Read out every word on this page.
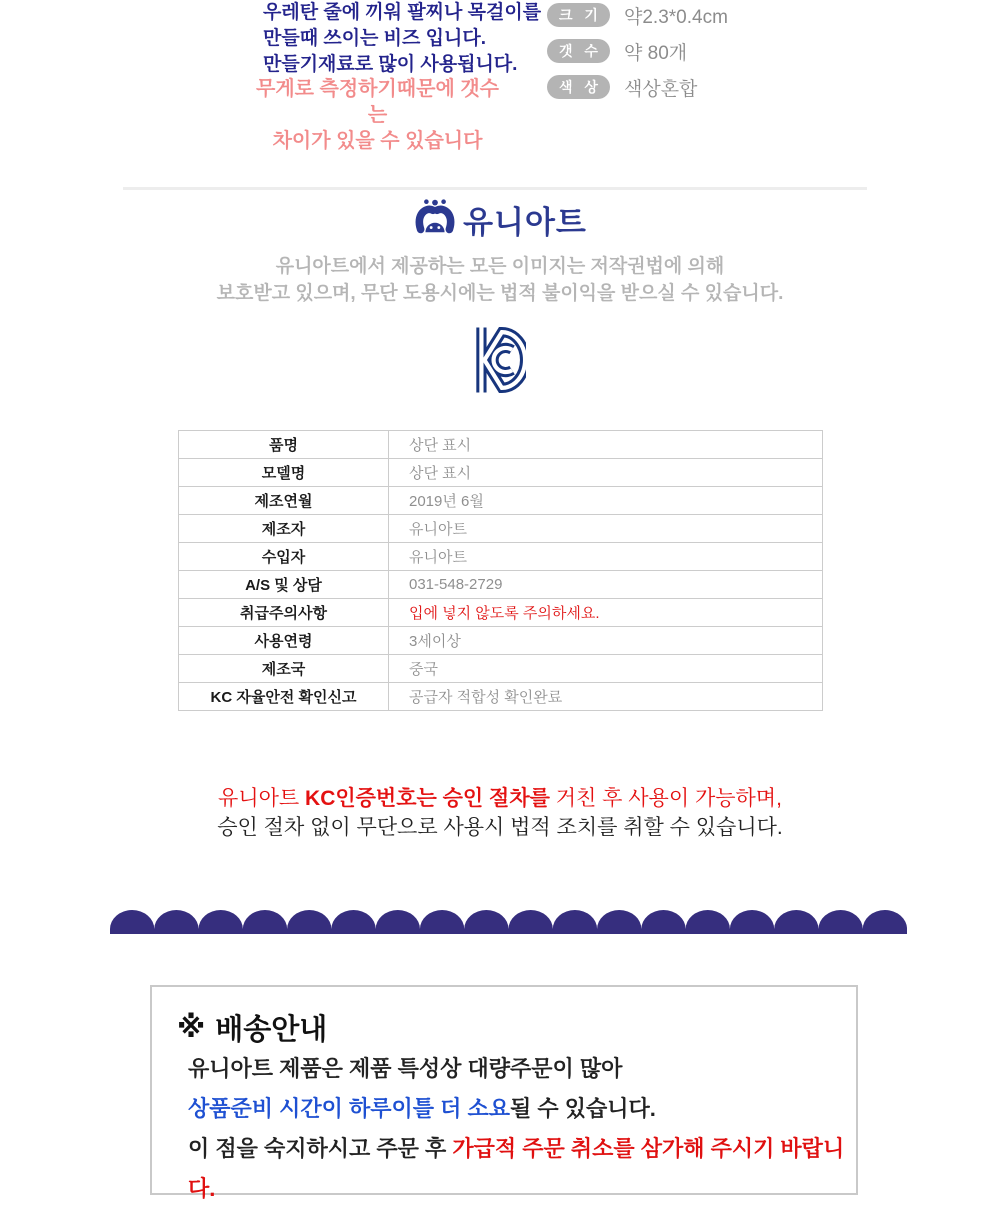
우레탄 줄에 끼워 팔찌나 목걸이를
만들때 쓰이는 비즈 입니다.
만들기재료로 많이 사용됩니다.
무게로 측정하기때문에 갯수는
차이가 있을 수 있습니다
크 기	약2.3*0.4cm
갯 수	약 80개
색 상	색상혼합
유니아트
유니아트에서 제공하는 모든 이미지는 저작권법에 의해
보호받고 있으며, 무단 도용시에는 법적 불이익을 받으실 수 있습니다.
품명	상단 표시
모델명	상단 표시
제조연월	2019년 6월
제조자	유니아트
수입자	유니아트
A/S 및 상담	031-548-2729
취급주의사항	입에 넣지 않도록 주의하세요.
사용연령	3세이상
제조국	중국
KC 자율안전 확인신고	공급자 적합성 확인완료
유니아트 KC인증번호는 승인 절차를 거친 후 사용이 가능하며,
승인 절차 없이 무단으로 사용시 법적 조치를 취할 수 있습니다.
※ 배송안내
유니아트 제품은 제품 특성상 대량주문이 많아
상품준비 시간이 하루이틀 더 소요될 수 있습니다.
이 점을 숙지하시고 주문 후 가급적 주문 취소를 삼가해 주시기 바랍니다.
